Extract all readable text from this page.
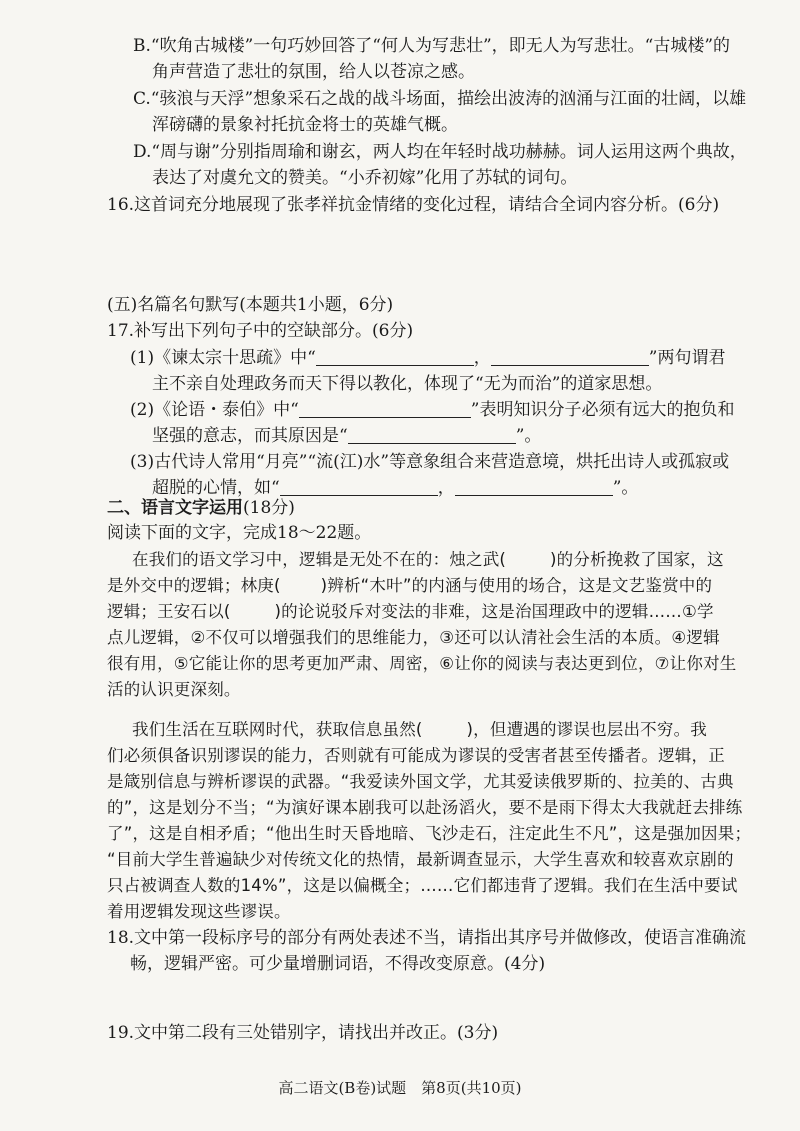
B.“吹角古城楼”一句巧妙回答了“何人为写悲壮”，即无人为写悲壮。“古城楼”的
角声营造了悲壮的氛围，给人以苍凉之感。
C.“骇浪与天浮”想象采石之战的战斗场面，描绘出波涛的汹涌与江面的壮阔，以雄
浑磅礴的景象衬托抗金将士的英雄气概。
D.“周与谢”分别指周瑜和谢玄，两人均在年轻时战功赫赫。词人运用这两个典故，
表达了对虞允文的赞美。“小乔初嫁”化用了苏轼的词句。
16.这首词充分地展现了张孝祥抗金情绪的变化过程，请结合全词内容分析。(6分)
(五)名篇名句默写(本题共1小题，6分)
17.补写出下列句子中的空缺部分。(6分)
(1)《谏太宗十思疏》中“	，	”两句谓君
主不亲自处理政务而天下得以教化，体现了“无为而治”的道家思想。
(2)《论语・泰伯》中“	”表明知识分子必须有远大的抱负和
坚强的意志，而其原因是“	”。
(3)古代诗人常用“月亮”“流(江)水”等意象组合来营造意境，烘托出诗人或孤寂或
超脱的心情，如“	，	”。
二、语言文字运用(18分)
阅读下面的文字，完成18～22题。
在我们的语文学习中，逻辑是无处不在的：烛之武(	)的分析挽救了国家，这
是外交中的逻辑；林庚( )辨析“木叶”的内涵与使用的场合，这是文艺鉴赏中的
逻辑；王安石以(	)的论说驳斥对变法的非难，这是治国理政中的逻辑……①学
点儿逻辑，②不仅可以增强我们的思维能力，③还可以认清社会生活的本质。④逻辑
很有用，⑤它能让你的思考更加严肃、周密，⑥让你的阅读与表达更到位，⑦让你对生
活的认识更深刻。
我们生活在互联网时代，获取信息虽然(	)，但遭遇的谬误也层出不穷。我
们必须俱备识别谬误的能力，否则就有可能成为谬误的受害者甚至传播者。逻辑，正
是箴别信息与辨析谬误的武器。“我爱读外国文学，尤其爱读俄罗斯的、拉美的、古典
的”，这是划分不当；“为演好课本剧我可以赴汤滔火，要不是雨下得太大我就赶去排练
了”，这是自相矛盾；“他出生时天昏地暗、飞沙走石，注定此生不凡”，这是强加因果；
“目前大学生普遍缺少对传统文化的热情，最新调查显示，大学生喜欢和较喜欢京剧的
只占被调查人数的14%”，这是以偏概全；……它们都违背了逻辑。我们在生活中要试
着用逻辑发现这些谬误。
18.文中第一段标序号的部分有两处表述不当，请指出其序号并做修改，使语言准确流
畅，逻辑严密。可少量增删词语，不得改变原意。(4分)
19.文中第二段有三处错别字，请找出并改正。(3分)
高二语文(B卷)试题　第8页(共10页)
